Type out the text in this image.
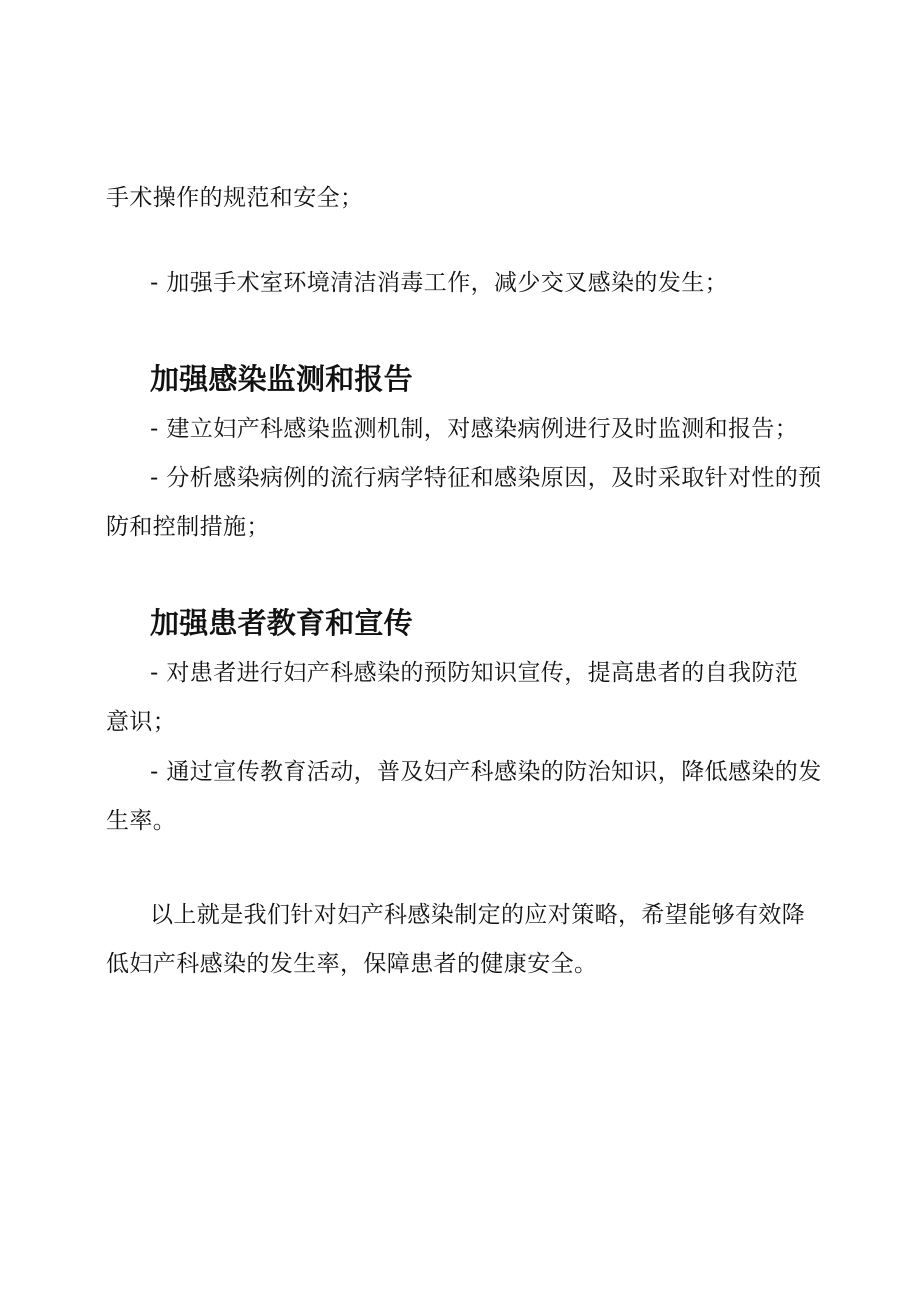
手术操作的规范和安全；
- 加强手术室环境清洁消毒工作，减少交叉感染的发生；
加强感染监测和报告
- 建立妇产科感染监测机制，对感染病例进行及时监测和报告；
- 分析感染病例的流行病学特征和感染原因，及时采取针对性的预
防和控制措施；
加强患者教育和宣传
- 对患者进行妇产科感染的预防知识宣传，提高患者的自我防范
意识；
- 通过宣传教育活动，普及妇产科感染的防治知识，降低感染的发
生率。
以上就是我们针对妇产科感染制定的应对策略，希望能够有效降
低妇产科感染的发生率，保障患者的健康安全。
